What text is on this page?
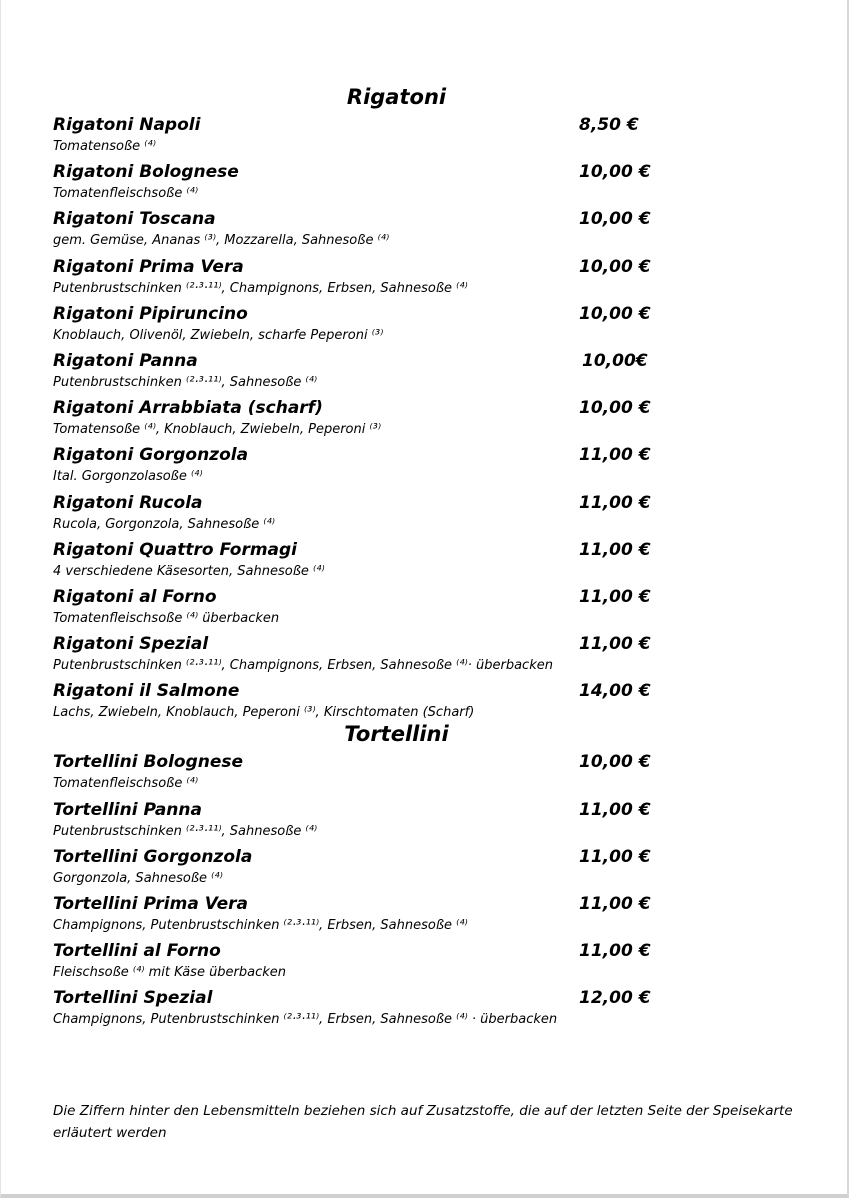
Rigatoni
Rigatoni Napoli	8,50 €
Tomatensoße ⁽⁴⁾
Rigatoni Bolognese	10,00 €
Tomatenfleischsoße ⁽⁴⁾
Rigatoni Toscana	10,00 €
gem. Gemüse, Ananas ⁽³⁾, Mozzarella, Sahnesoße ⁽⁴⁾
Rigatoni Prima Vera	10,00 €
Putenbrustschinken ⁽²·³·¹¹⁾, Champignons, Erbsen, Sahnesoße ⁽⁴⁾
Rigatoni Pipiruncino	10,00 €
Knoblauch, Olivenöl, Zwiebeln, scharfe Peperoni ⁽³⁾
Rigatoni Panna	10,00€
Putenbrustschinken ⁽²·³·¹¹⁾, Sahnesoße ⁽⁴⁾
Rigatoni Arrabbiata (scharf)	10,00 €
Tomatensoße ⁽⁴⁾, Knoblauch, Zwiebeln, Peperoni ⁽³⁾
Rigatoni Gorgonzola	11,00 €
Ital. Gorgonzolasoße ⁽⁴⁾
Rigatoni Rucola	11,00 €
Rucola, Gorgonzola, Sahnesoße ⁽⁴⁾
Rigatoni Quattro Formagi	11,00 €
4 verschiedene Käsesorten, Sahnesoße ⁽⁴⁾
Rigatoni al Forno	11,00 €
Tomatenfleischsoße ⁽⁴⁾ überbacken
Rigatoni Spezial	11,00 €
Putenbrustschinken ⁽²·³·¹¹⁾, Champignons, Erbsen, Sahnesoße ⁽⁴⁾· überbacken
Rigatoni il Salmone	14,00 €
Lachs, Zwiebeln, Knoblauch, Peperoni ⁽³⁾, Kirschtomaten (Scharf)
Tortellini
Tortellini Bolognese	10,00 €
Tomatenfleischsoße ⁽⁴⁾
Tortellini Panna	11,00 €
Putenbrustschinken ⁽²·³·¹¹⁾, Sahnesoße ⁽⁴⁾
Tortellini Gorgonzola	11,00 €
Gorgonzola, Sahnesoße ⁽⁴⁾
Tortellini Prima Vera	11,00 €
Champignons, Putenbrustschinken ⁽²·³·¹¹⁾, Erbsen, Sahnesoße ⁽⁴⁾
Tortellini al Forno	11,00 €
Fleischsoße ⁽⁴⁾ mit Käse überbacken
Tortellini Spezial	12,00 €
Champignons, Putenbrustschinken ⁽²·³·¹¹⁾, Erbsen, Sahnesoße ⁽⁴⁾ · überbacken
Die Ziffern hinter den Lebensmitteln beziehen sich auf Zusatzstoffe, die auf der letzten Seite der Speisekarte erläutert werden
